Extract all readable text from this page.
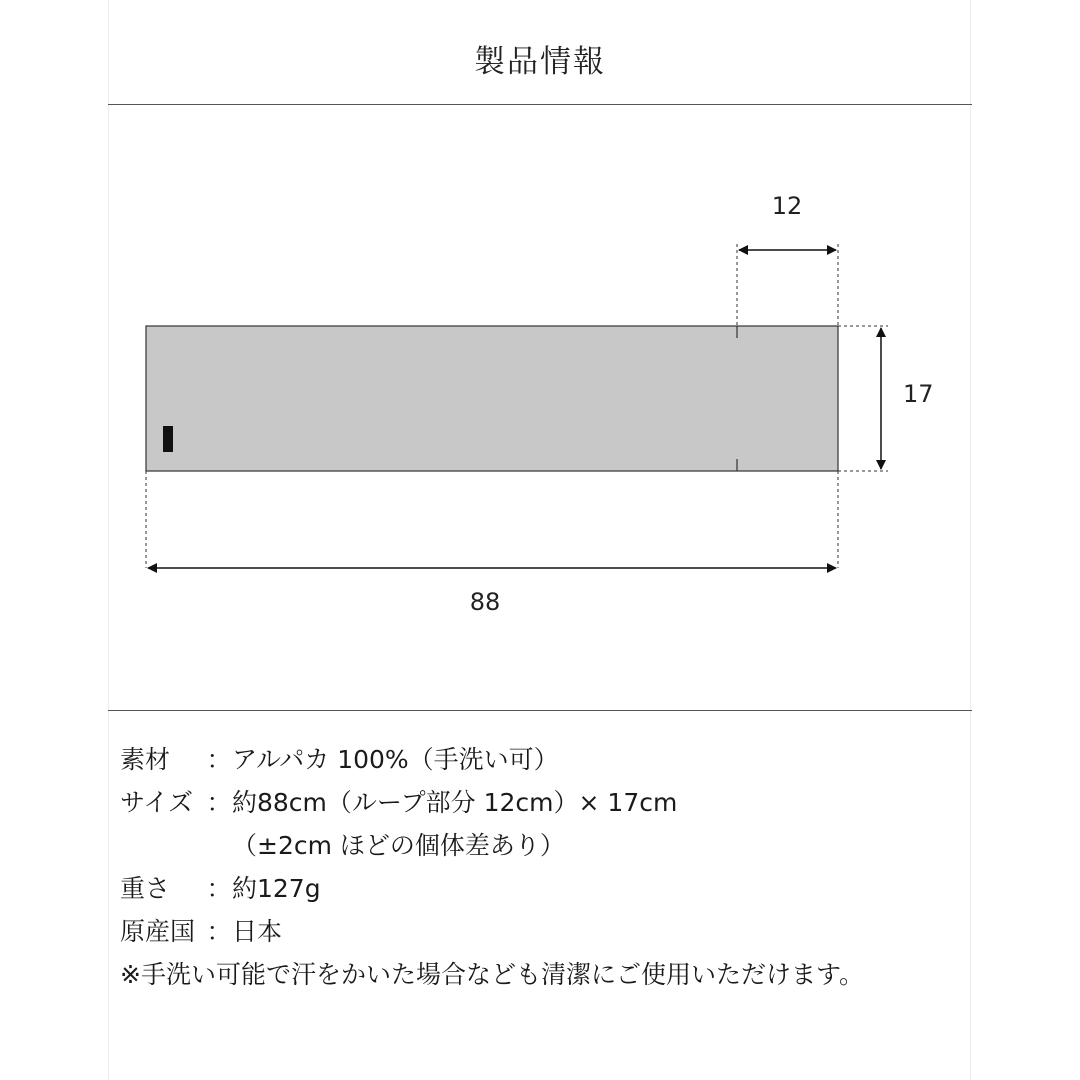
製品情報
12
17
88
素材	： アルパカ 100%（手洗い可）
サイズ ： 約88cm（ループ部分 12cm）× 17cm
（±2cm ほどの個体差あり）
重さ	： 約127g
原産国 ： 日本
※手洗い可能で汗をかいた場合なども清潔にご使用いただけます。
